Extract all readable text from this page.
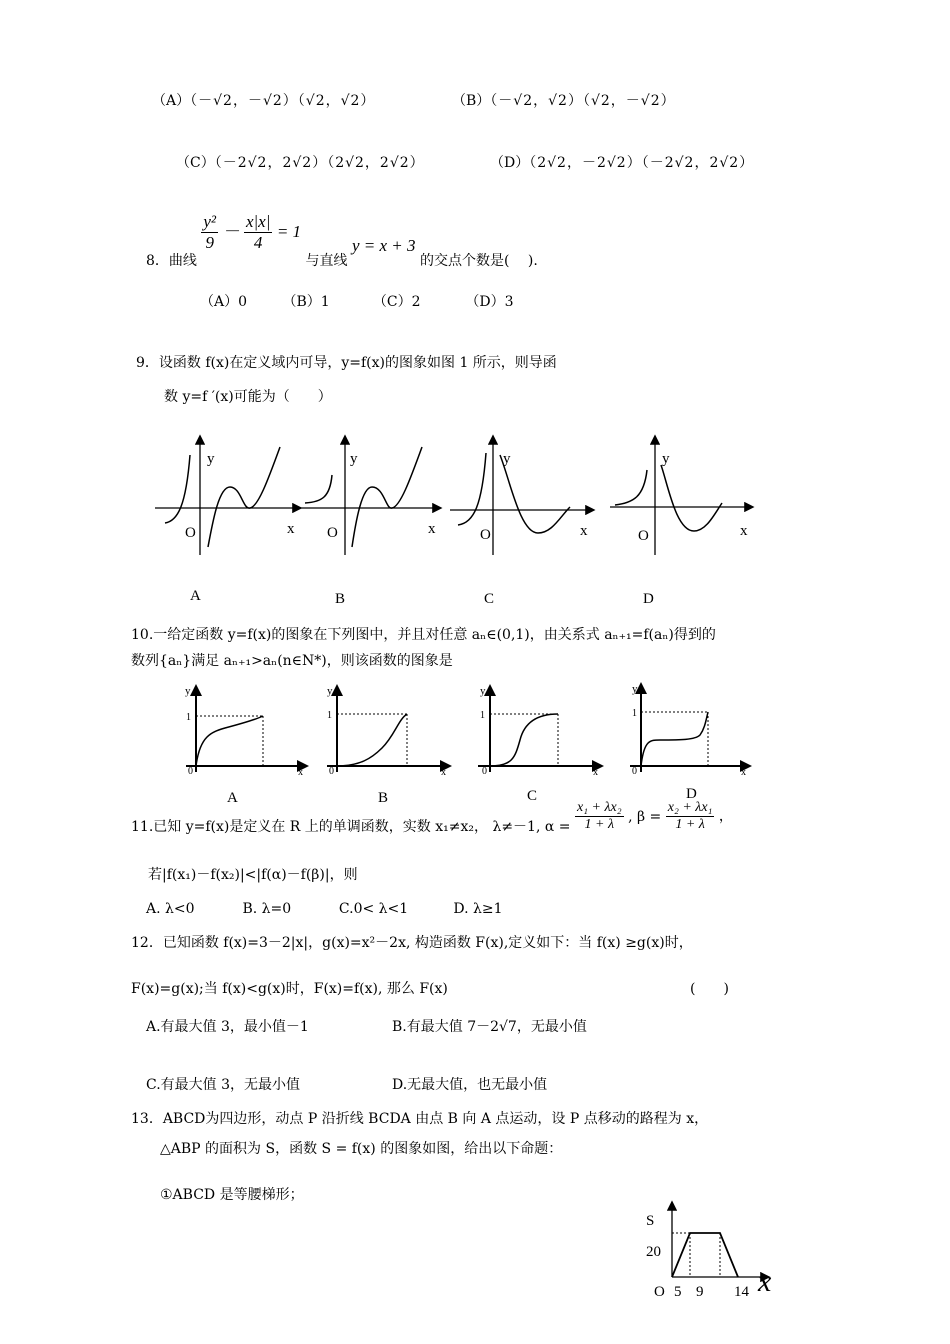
（A）（－√2，－√2）（√2，√2）	（B）（－√2，√2）（√2，－√2）
（C）（－2√2，2√2）（2√2，2√2）	（D）（2√2，－2√2）（－2√2，2√2）
8．曲线
$\frac{\text{y²}}{9} - \frac{x|x|}{4} = 1$ 与直线 y = x + 3 的交点个数是(　 ).
（A）0	（B）1	（C）2	（D）3
9．设函数 f(x)在定义域内可导，y=f(x)的图象如图 1 所示，则导函
数 y=f ′(x)可能为（　　）
y
x
O
A
y
x
O
B
y
x
O
C
y
x
O
D
10.一给定函数 y=f(x)的图象在下列图中，并且对任意 aₙ∈(0,1)，由关系式 aₙ₊₁=f(aₙ)得到的
数列{aₙ}满足 aₙ₊₁>aₙ(n∈N*)，则该函数的图象是
1
y
x
0
A
1
y
x
0
B
1
y
x
0
C
1
y
x
0
D
11.已知 y=f(x)是定义在 R 上的单调函数，实数 x₁≠x₂， λ≠－1, $\alpha = \frac{\text{x₁ + λx₂}}{1 + \lambda}$ , $\beta = \frac{\text{x₂ + λx₁}}{1 + \lambda}$ ，
若|f(x₁)－f(x₂)|<|f(α)－f(β)|，则
A. λ<0	B. λ=0	C.0< λ<1	D. λ≥1
12．已知函数 f(x)=3－2|x|，g(x)=x²－2x, 构造函数 F(x),定义如下：当 f(x) ≥g(x)时，
F(x)=g(x);当 f(x)<g(x)时，F(x)=f(x), 那么 F(x)	(　　)
A.有最大值 3，最小值－1	B.有最大值 7－2√7，无最小值
C.有最大值 3，无最小值	D.无最大值，也无最小值
13．ABCD为四边形，动点 P 沿折线 BCDA 由点 B 向 A 点运动，设 P 点移动的路程为 x，
△ABP 的面积为 S，函数 S = f(x) 的图象如图，给出以下命题：
①ABCD 是等腰梯形；
S
20
O 5 9 14 x
